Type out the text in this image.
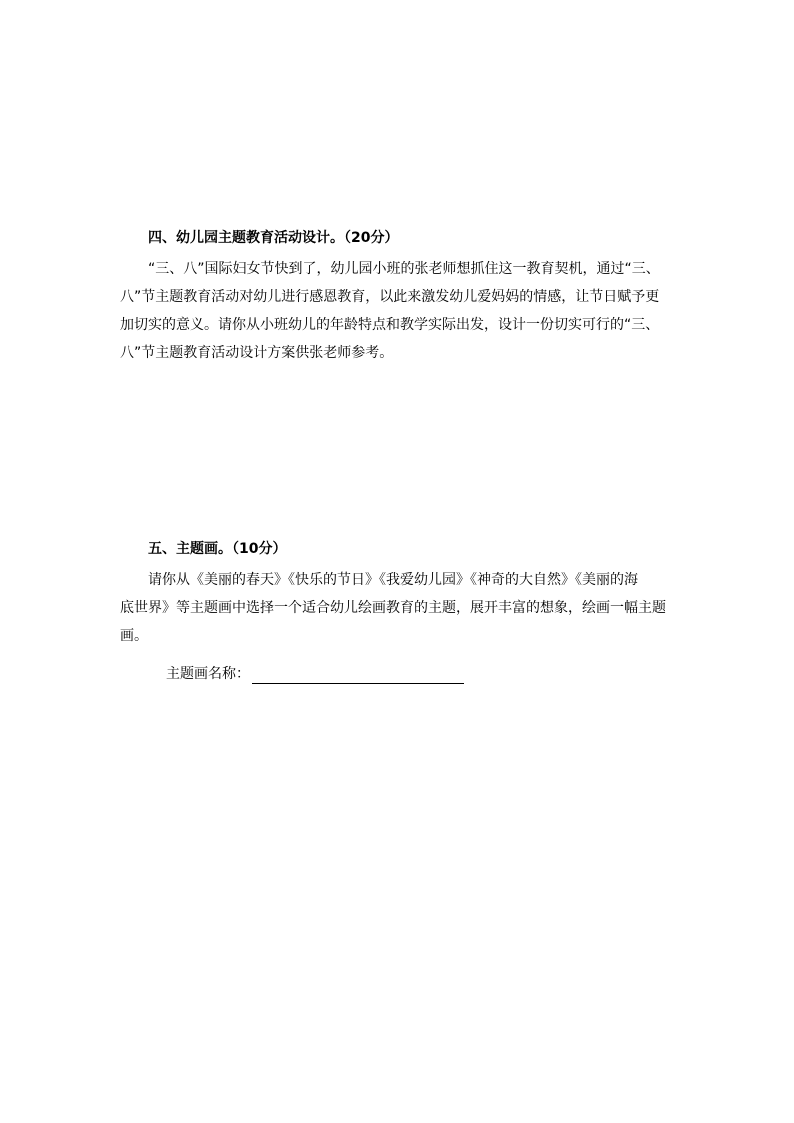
四、幼儿园主题教育活动设计。（20分）

“三、八”国际妇女节快到了，幼儿园小班的张老师想抓住这一教育契机，通过“三、
八”节主题教育活动对幼儿进行感恩教育，以此来激发幼儿爱妈妈的情感，让节日赋予更
加切实的意义。请你从小班幼儿的年龄特点和教学实际出发，设计一份切实可行的“三、
八”节主题教育活动设计方案供张老师参考。

五、主题画。（10分）

请你从《美丽的春天》《快乐的节日》《我爱幼儿园》《神奇的大自然》《美丽的海
底世界》等主题画中选择一个适合幼儿绘画教育的主题，展开丰富的想象，绘画一幅主题
画。

主题画名称：
